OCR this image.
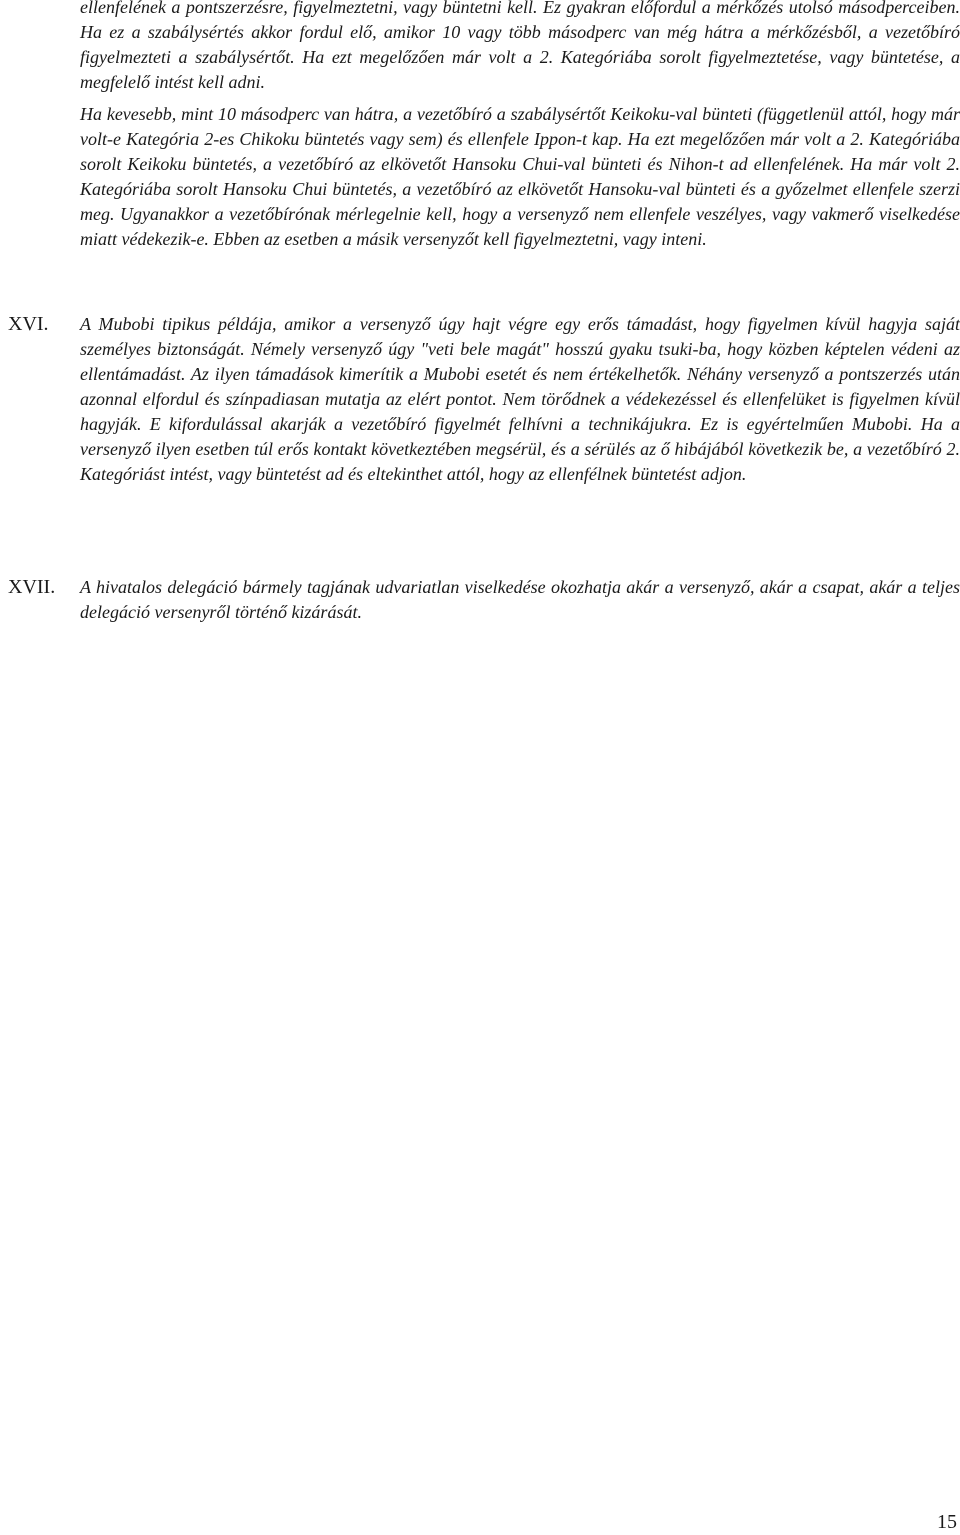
ellenfelének a pontszerzésre, figyelmeztetni, vagy büntetni kell. Ez gyakran előfordul a mérkőzés utolsó másodperceiben. Ha ez a szabálysértés akkor fordul elő, amikor 10 vagy több másodperc van még hátra a mérkőzésből, a vezetőbíró figyelmezteti a szabálysértőt. Ha ezt megelőzően már volt a 2. Kategóriába sorolt figyelmeztetése, vagy büntetése, a megfelelő intést kell adni.

Ha kevesebb, mint 10 másodperc van hátra, a vezetőbíró a szabálysértőt Keikoku-val bünteti (függetlenül attól, hogy már volt-e Kategória 2-es Chikoku büntetés vagy sem) és ellenfele Ippon-t kap. Ha ezt megelőzően már volt a 2. Kategóriába sorolt Keikoku büntetés, a vezetőbíró az elkövetőt Hansoku Chui-val bünteti és Nihon-t ad ellenfelének. Ha már volt 2. Kategóriába sorolt Hansoku Chui büntetés, a vezetőbíró az elkövetőt Hansoku-val bünteti és a győzelmet ellenfele szerzi meg. Ugyanakkor a vezetőbírónak mérlegelnie kell, hogy a versenyző nem ellenfele veszélyes, vagy vakmerő viselkedése miatt védekezik-e. Ebben az esetben a másik versenyzőt kell figyelmeztetni, vagy inteni.

XVI. A Mubobi tipikus példája, amikor a versenyző úgy hajt végre egy erős támadást, hogy figyelmen kívül hagyja saját személyes biztonságát. Némely versenyző úgy "veti bele magát" hosszú gyaku tsuki-ba, hogy közben képtelen védeni az ellentámadást. Az ilyen támadások kimerítik a Mubobi esetét és nem értékelhetők. Néhány versenyző a pontszerzés után azonnal elfordul és színpadiasan mutatja az elért pontot. Nem törődnek a védekezéssel és ellenfelüket is figyelmen kívül hagyják. E kifordulással akarják a vezetőbíró figyelmét felhívni a technikájukra. Ez is egyértelműen Mubobi. Ha a versenyző ilyen esetben túl erős kontakt következtében megsérül, és a sérülés az ő hibájából következik be, a vezetőbíró 2. Kategóriást intést, vagy büntetést ad és eltekinthet attól, hogy az ellenfélnek büntetést adjon.

XVII. A hivatalos delegáció bármely tagjának udvariatlan viselkedése okozhatja akár a versenyző, akár a csapat, akár a teljes delegáció versenyről történő kizárását.

15
